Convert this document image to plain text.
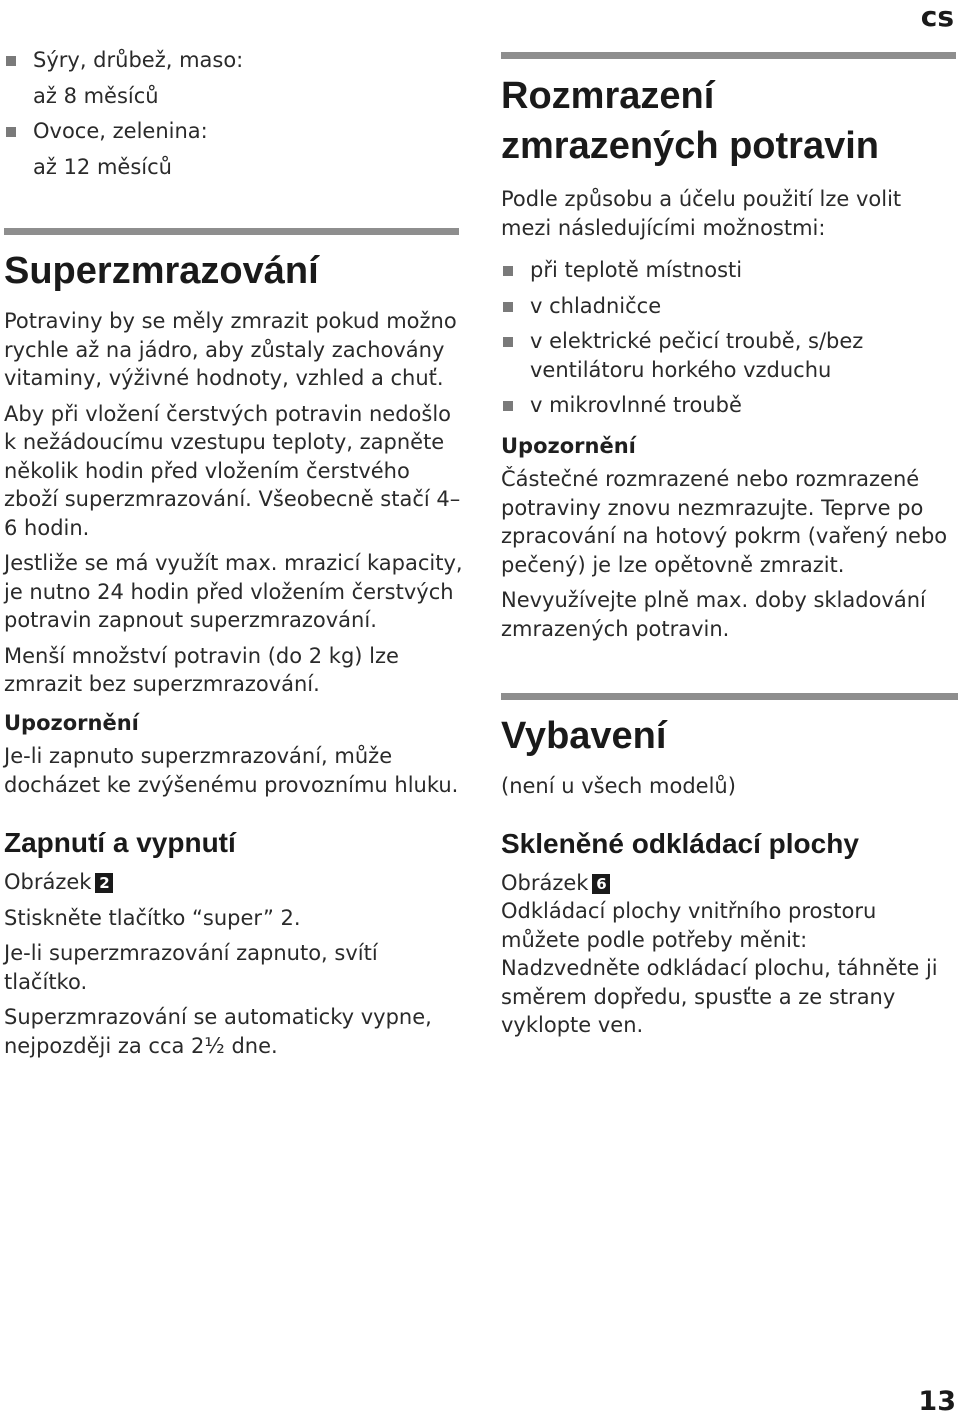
cs
Sýry, drůbež, maso:
až 8 měsíců
Ovoce, zelenina:
až 12 měsíců
Superzmrazování

Potraviny by se měly zmrazit pokud možno rychle až na jádro, aby zůstaly zachovány vitaminy, výživné hodnoty, vzhled a chuť.

Aby při vložení čerstvých potravin nedošlo k nežádoucímu vzestupu teploty, zapněte několik hodin před vložením čerstvého zboží superzmrazování. Všeobecně stačí 4–6 hodin.

Jestliže se má využít max. mrazicí kapacity, je nutno 24 hodin před vložením čerstvých potravin zapnout superzmrazování.

Menší množství potravin (do 2 kg) lze zmrazit bez superzmrazování.

Upozornění

Je-li zapnuto superzmrazování, může docházet ke zvýšenému provoznímu hluku.

Zapnutí a vypnutí

Obrázek 2

Stiskněte tlačítko “super” 2.

Je-li superzmrazování zapnuto, svítí tlačítko.

Superzmrazování se automaticky vypne, nejpozději za cca 2½ dne.

Rozmrazení
zmrazených potravin

Podle způsobu a účelu použití lze volit mezi následujícími možnostmi:

při teplotě místnosti
v chladničce
v elektrické pečicí troubě, s/bez ventilátoru horkého vzduchu
v mikrovlnné troubě
Upozornění

Částečné rozmrazené nebo rozmrazené potraviny znovu nezmrazujte. Teprve po zpracování na hotový pokrm (vařený nebo pečený) je lze opětovně zmrazit.

Nevyužívejte plně max. doby skladování zmrazených potravin.

Vybavení

(není u všech modelů)

Skleněné odkládací plochy

Obrázek 6

Odkládací plochy vnitřního prostoru můžete podle potřeby měnit:

Nadzvedněte odkládací plochu, táhněte ji směrem dopředu, spusťte a ze strany vyklopte ven.

13
